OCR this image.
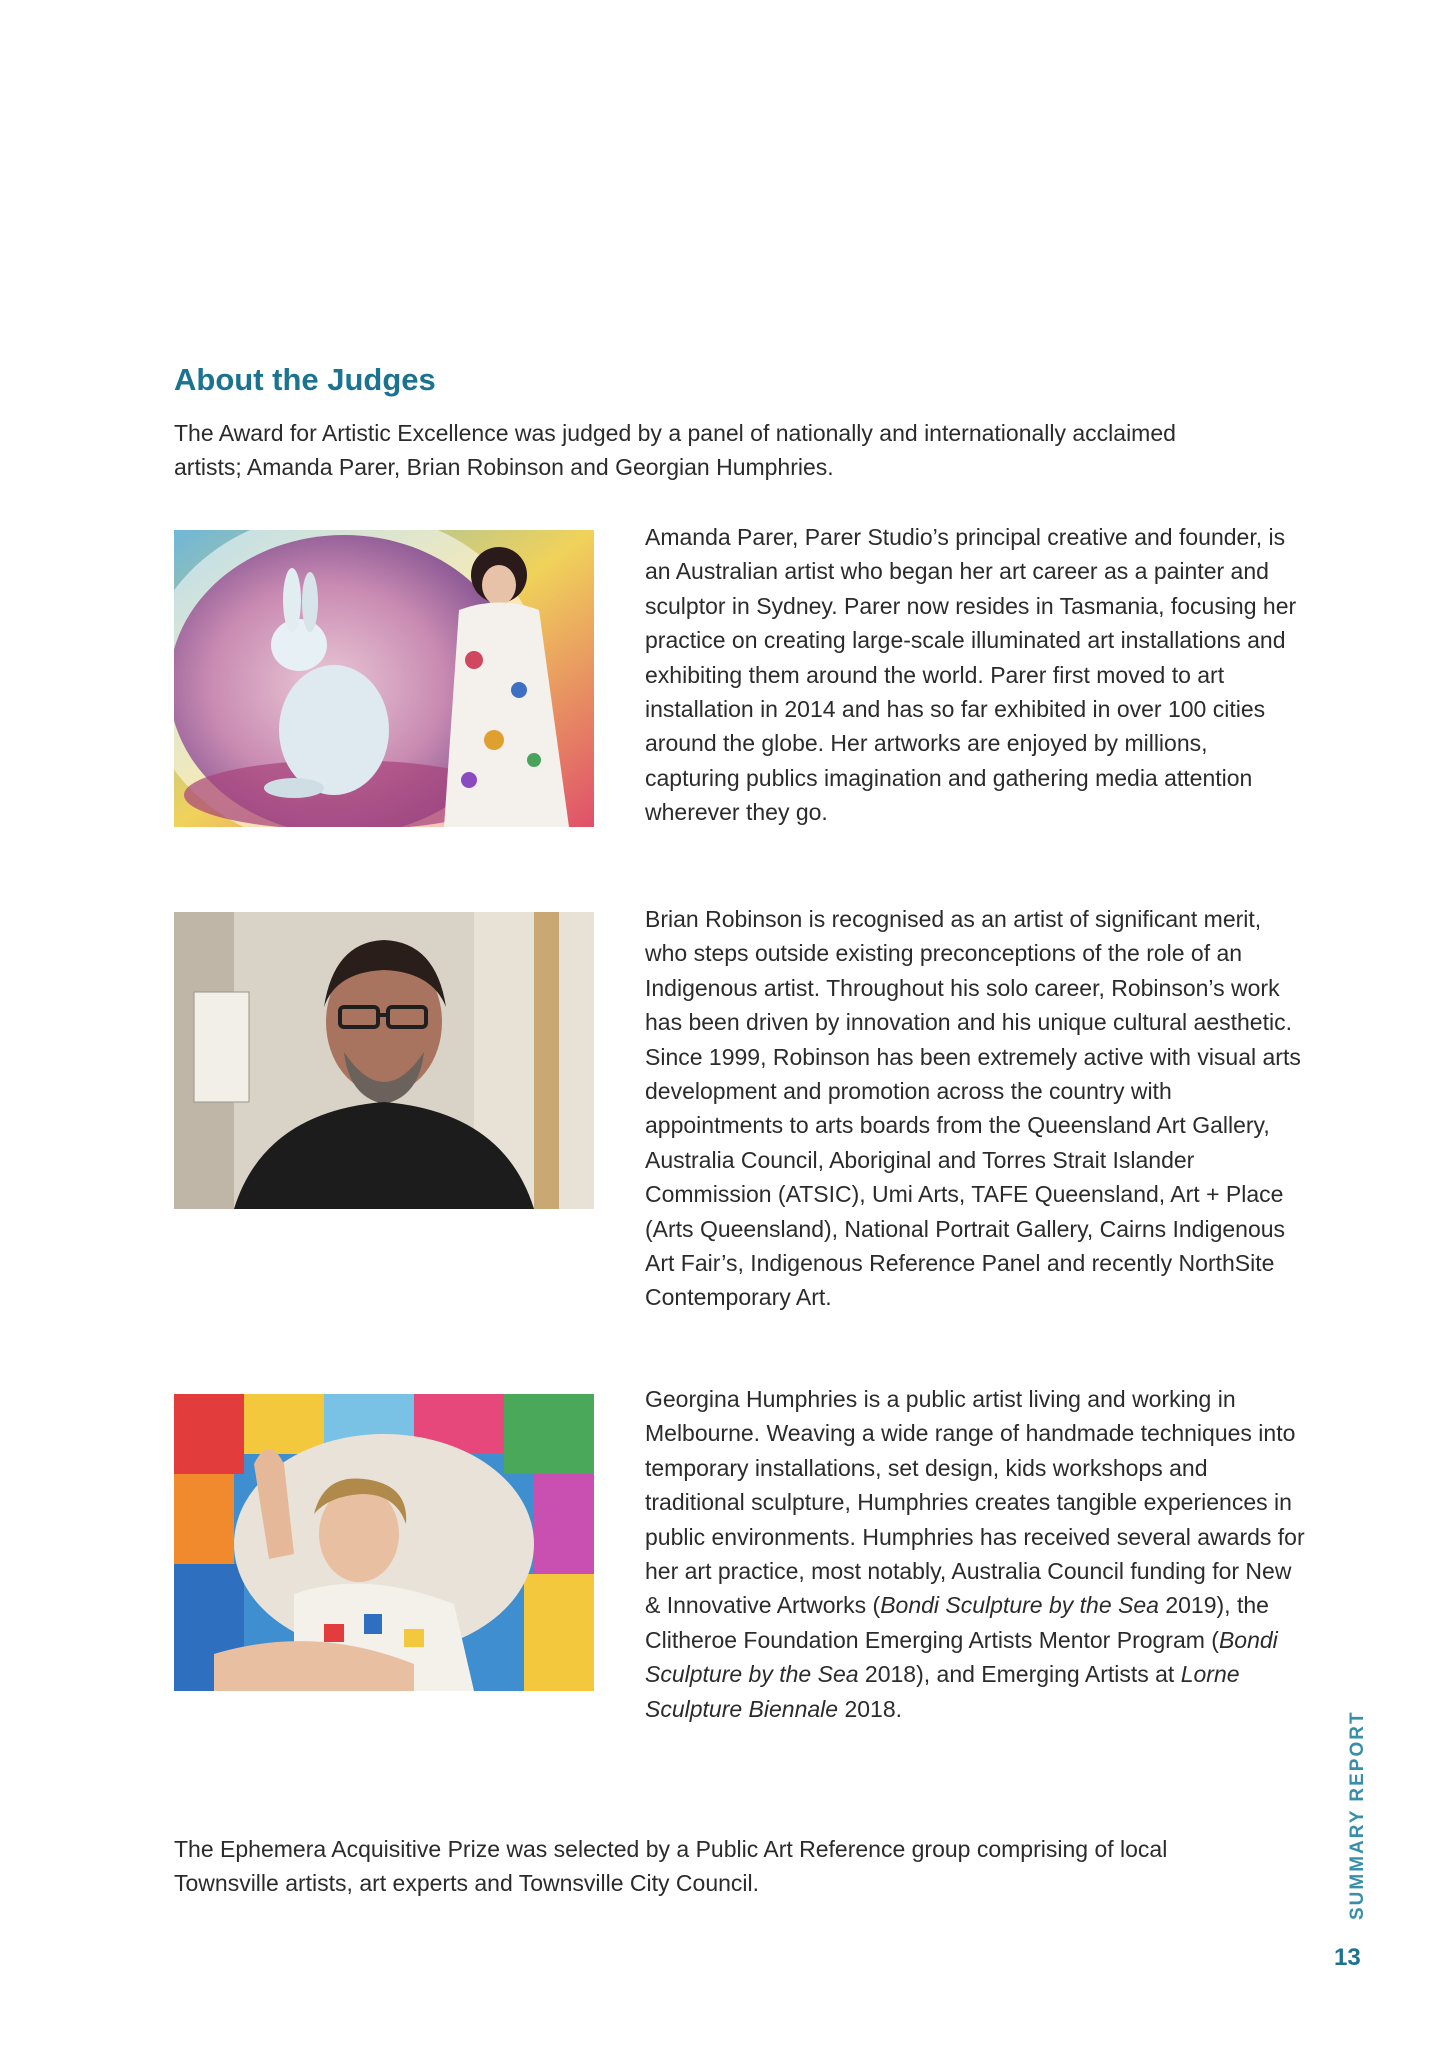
About the Judges

The Award for Artistic Excellence was judged by a panel of nationally and internationally acclaimed artists; Amanda Parer, Brian Robinson and Georgian Humphries.

Amanda Parer, Parer Studio’s principal creative and founder, is an Australian artist who began her art career as a painter and sculptor in Sydney. Parer now resides in Tasmania, focusing her practice on creating large-scale illuminated art installations and exhibiting them around the world. Parer first moved to art installation in 2014 and has so far exhibited in over 100 cities around the globe. Her artworks are enjoyed by millions, capturing publics imagination and gathering media attention wherever they go.

Brian Robinson is recognised as an artist of significant merit, who steps outside existing preconceptions of the role of an Indigenous artist. Throughout his solo career, Robinson’s work has been driven by innovation and his unique cultural aesthetic. Since 1999, Robinson has been extremely active with visual arts development and promotion across the country with appointments to arts boards from the Queensland Art Gallery, Australia Council, Aboriginal and Torres Strait Islander Commission (ATSIC), Umi Arts, TAFE Queensland, Art + Place (Arts Queensland), National Portrait Gallery, Cairns Indigenous Art Fair’s, Indigenous Reference Panel and recently NorthSite Contemporary Art.

Georgina Humphries is a public artist living and working in Melbourne. Weaving a wide range of handmade techniques into temporary installations, set design, kids workshops and traditional sculpture, Humphries creates tangible experiences in public environments. Humphries has received several awards for her art practice, most notably, Australia Council funding for New & Innovative Artworks (Bondi Sculpture by the Sea 2019), the Clitheroe Foundation Emerging Artists Mentor Program (Bondi Sculpture by the Sea 2018), and Emerging Artists at Lorne Sculpture Biennale 2018.

The Ephemera Acquisitive Prize was selected by a Public Art Reference group comprising of local Townsville artists, art experts and Townsville City Council.	SUMMARY REPORT

13
